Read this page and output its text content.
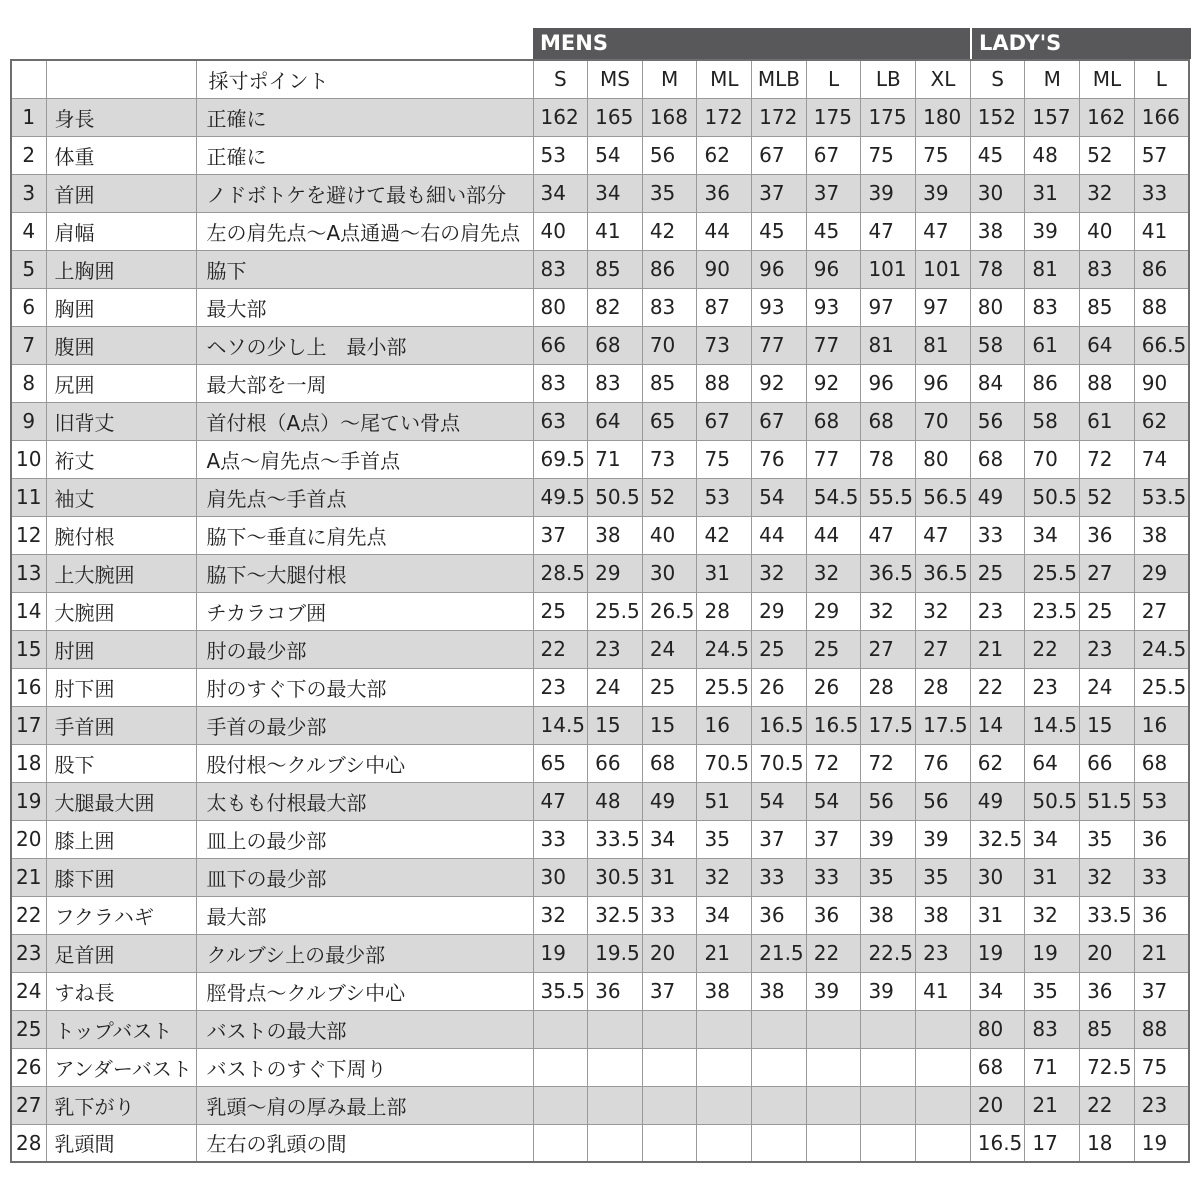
MENS	LADY'S
		採寸ポイント	S	MS	M	ML	MLB	L	LB	XL	S	M	ML	L
1	身長	正確に	162	165	168	172	172	175	175	180	152	157	162	166
2	体重	正確に	53	54	56	62	67	67	75	75	45	48	52	57
3	首囲	ノドボトケを避けて最も細い部分	34	34	35	36	37	37	39	39	30	31	32	33
4	肩幅	左の肩先点～A点通過～右の肩先点	40	41	42	44	45	45	47	47	38	39	40	41
5	上胸囲	脇下	83	85	86	90	96	96	101	101	78	81	83	86
6	胸囲	最大部	80	82	83	87	93	93	97	97	80	83	85	88
7	腹囲	ヘソの少し上　最小部	66	68	70	73	77	77	81	81	58	61	64	66.5
8	尻囲	最大部を一周	83	83	85	88	92	92	96	96	84	86	88	90
9	旧背丈	首付根（A点）～尾てい骨点	63	64	65	67	67	68	68	70	56	58	61	62
10	裄丈	A点～肩先点～手首点	69.5	71	73	75	76	77	78	80	68	70	72	74
11	袖丈	肩先点～手首点	49.5	50.5	52	53	54	54.5	55.5	56.5	49	50.5	52	53.5
12	腕付根	脇下～垂直に肩先点	37	38	40	42	44	44	47	47	33	34	36	38
13	上大腕囲	脇下～大腿付根	28.5	29	30	31	32	32	36.5	36.5	25	25.5	27	29
14	大腕囲	チカラコブ囲	25	25.5	26.5	28	29	29	32	32	23	23.5	25	27
15	肘囲	肘の最少部	22	23	24	24.5	25	25	27	27	21	22	23	24.5
16	肘下囲	肘のすぐ下の最大部	23	24	25	25.5	26	26	28	28	22	23	24	25.5
17	手首囲	手首の最少部	14.5	15	15	16	16.5	16.5	17.5	17.5	14	14.5	15	16
18	股下	股付根～クルブシ中心	65	66	68	70.5	70.5	72	72	76	62	64	66	68
19	大腿最大囲	太もも付根最大部	47	48	49	51	54	54	56	56	49	50.5	51.5	53
20	膝上囲	皿上の最少部	33	33.5	34	35	37	37	39	39	32.5	34	35	36
21	膝下囲	皿下の最少部	30	30.5	31	32	33	33	35	35	30	31	32	33
22	フクラハギ	最大部	32	32.5	33	34	36	36	38	38	31	32	33.5	36
23	足首囲	クルブシ上の最少部	19	19.5	20	21	21.5	22	22.5	23	19	19	20	21
24	すね長	脛骨点～クルブシ中心	35.5	36	37	38	38	39	39	41	34	35	36	37
25	トップバスト	バストの最大部									80	83	85	88
26	アンダーバスト	バストのすぐ下周り									68	71	72.5	75
27	乳下がり	乳頭～肩の厚み最上部									20	21	22	23
28	乳頭間	左右の乳頭の間									16.5	17	18	19
